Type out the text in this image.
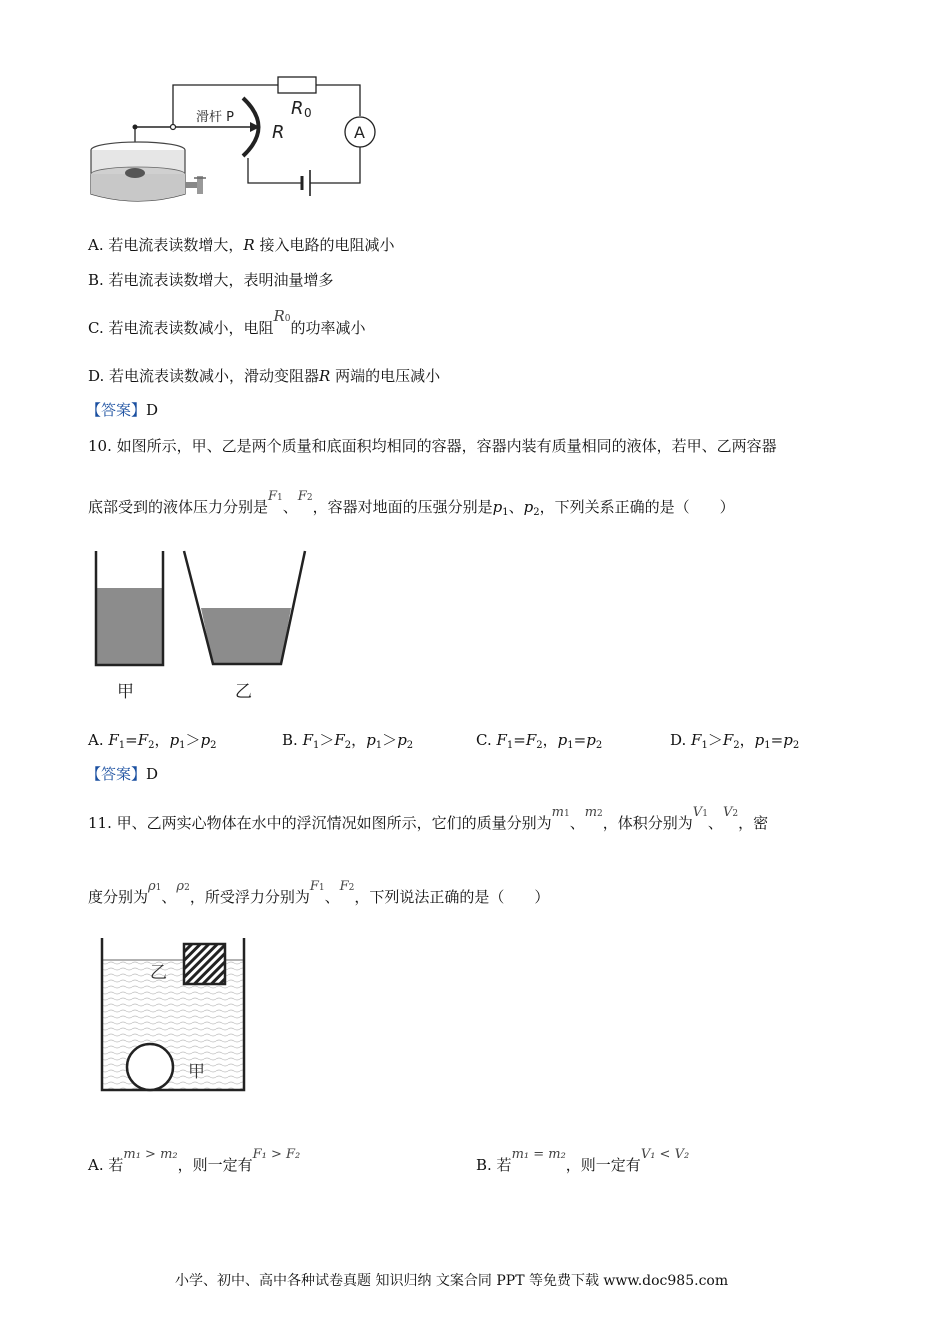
滑杆 P
R
R 0
A
A. 若电流表读数增大，R 接入电路的电阻减小
B. 若电流表读数增大，表明油量增多
C. 若电流表读数减小，电阻R0的功率减小
D. 若电流表读数减小，滑动变阻器R 两端的电压减小
【答案】D
10. 如图所示，甲、乙是两个质量和底面积均相同的容器，容器内装有质量相同的液体，若甲、乙两容器
底部受到的液体压力分别是F1、F2，容器对地面的压强分别是$p_1$、$p_2$，下列关系正确的是（　　）
甲	乙
A. $F_1=F_2$，$p_1>p_2$	B. $F_1>F_2$，$p_1>p_2$	C. $F_1=F_2$，$p_1=p_2$	D. $F_1>F_2$，$p_1=p_2$
【答案】D
11. 甲、乙两实心物体在水中的浮沉情况如图所示，它们的质量分别为m1、m2，体积分别为V1、V2，密
度分别为ρ1、ρ2，所受浮力分别为F1、F2，下列说法正确的是（　　）
乙
甲
A. 若m₁ > m₂，则一定有F₁ > F₂
B. 若m₁ = m₂，则一定有V₁ < V₂
小学、初中、高中各种试卷真题 知识归纳 文案合同 PPT 等免费下载 www.doc985.com
